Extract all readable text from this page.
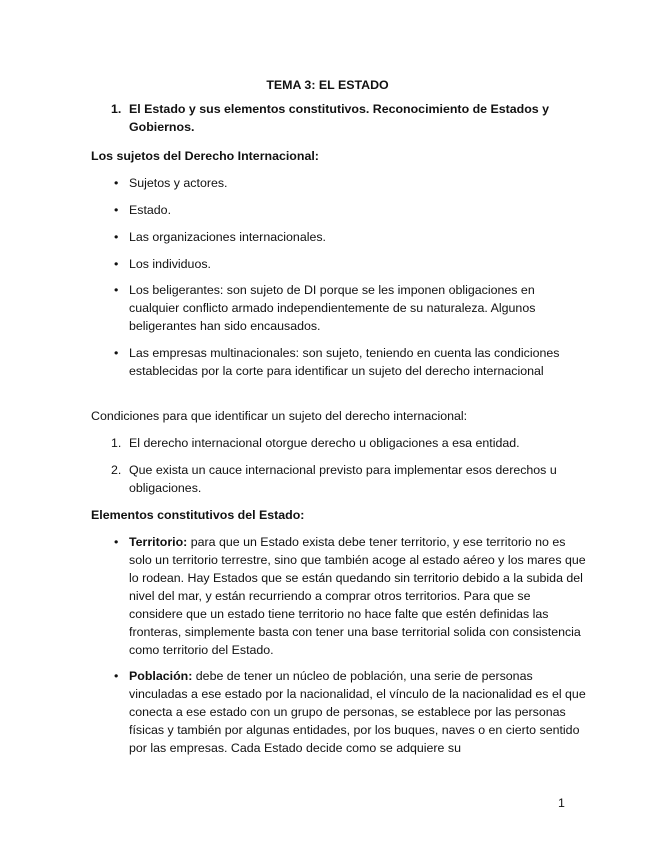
TEMA 3: EL ESTADO
1. El Estado y sus elementos constitutivos. Reconocimiento de Estados y Gobiernos.
Los sujetos del Derecho Internacional:
• Sujetos y actores.
• Estado.
• Las organizaciones internacionales.
• Los individuos.
• Los beligerantes: son sujeto de DI porque se les imponen obligaciones en cualquier conflicto armado independientemente de su naturaleza. Algunos beligerantes han sido encausados.
• Las empresas multinacionales: son sujeto, teniendo en cuenta las condiciones establecidas por la corte para identificar un sujeto del derecho internacional
Condiciones para que identificar un sujeto del derecho internacional:
1. El derecho internacional otorgue derecho u obligaciones a esa entidad.
2. Que exista un cauce internacional previsto para implementar esos derechos u obligaciones.
Elementos constitutivos del Estado:
• Territorio: para que un Estado exista debe tener territorio, y ese territorio no es solo un territorio terrestre, sino que también acoge al estado aéreo y los mares que lo rodean. Hay Estados que se están quedando sin territorio debido a la subida del nivel del mar, y están recurriendo a comprar otros territorios. Para que se considere que un estado tiene territorio no hace falte que estén definidas las fronteras, simplemente basta con tener una base territorial solida con consistencia como territorio del Estado.
• Población: debe de tener un núcleo de población, una serie de personas vinculadas a ese estado por la nacionalidad, el vínculo de la nacionalidad es el que conecta a ese estado con un grupo de personas, se establece por las personas físicas y también por algunas entidades, por los buques, naves o en cierto sentido por las empresas. Cada Estado decide como se adquiere su
1
